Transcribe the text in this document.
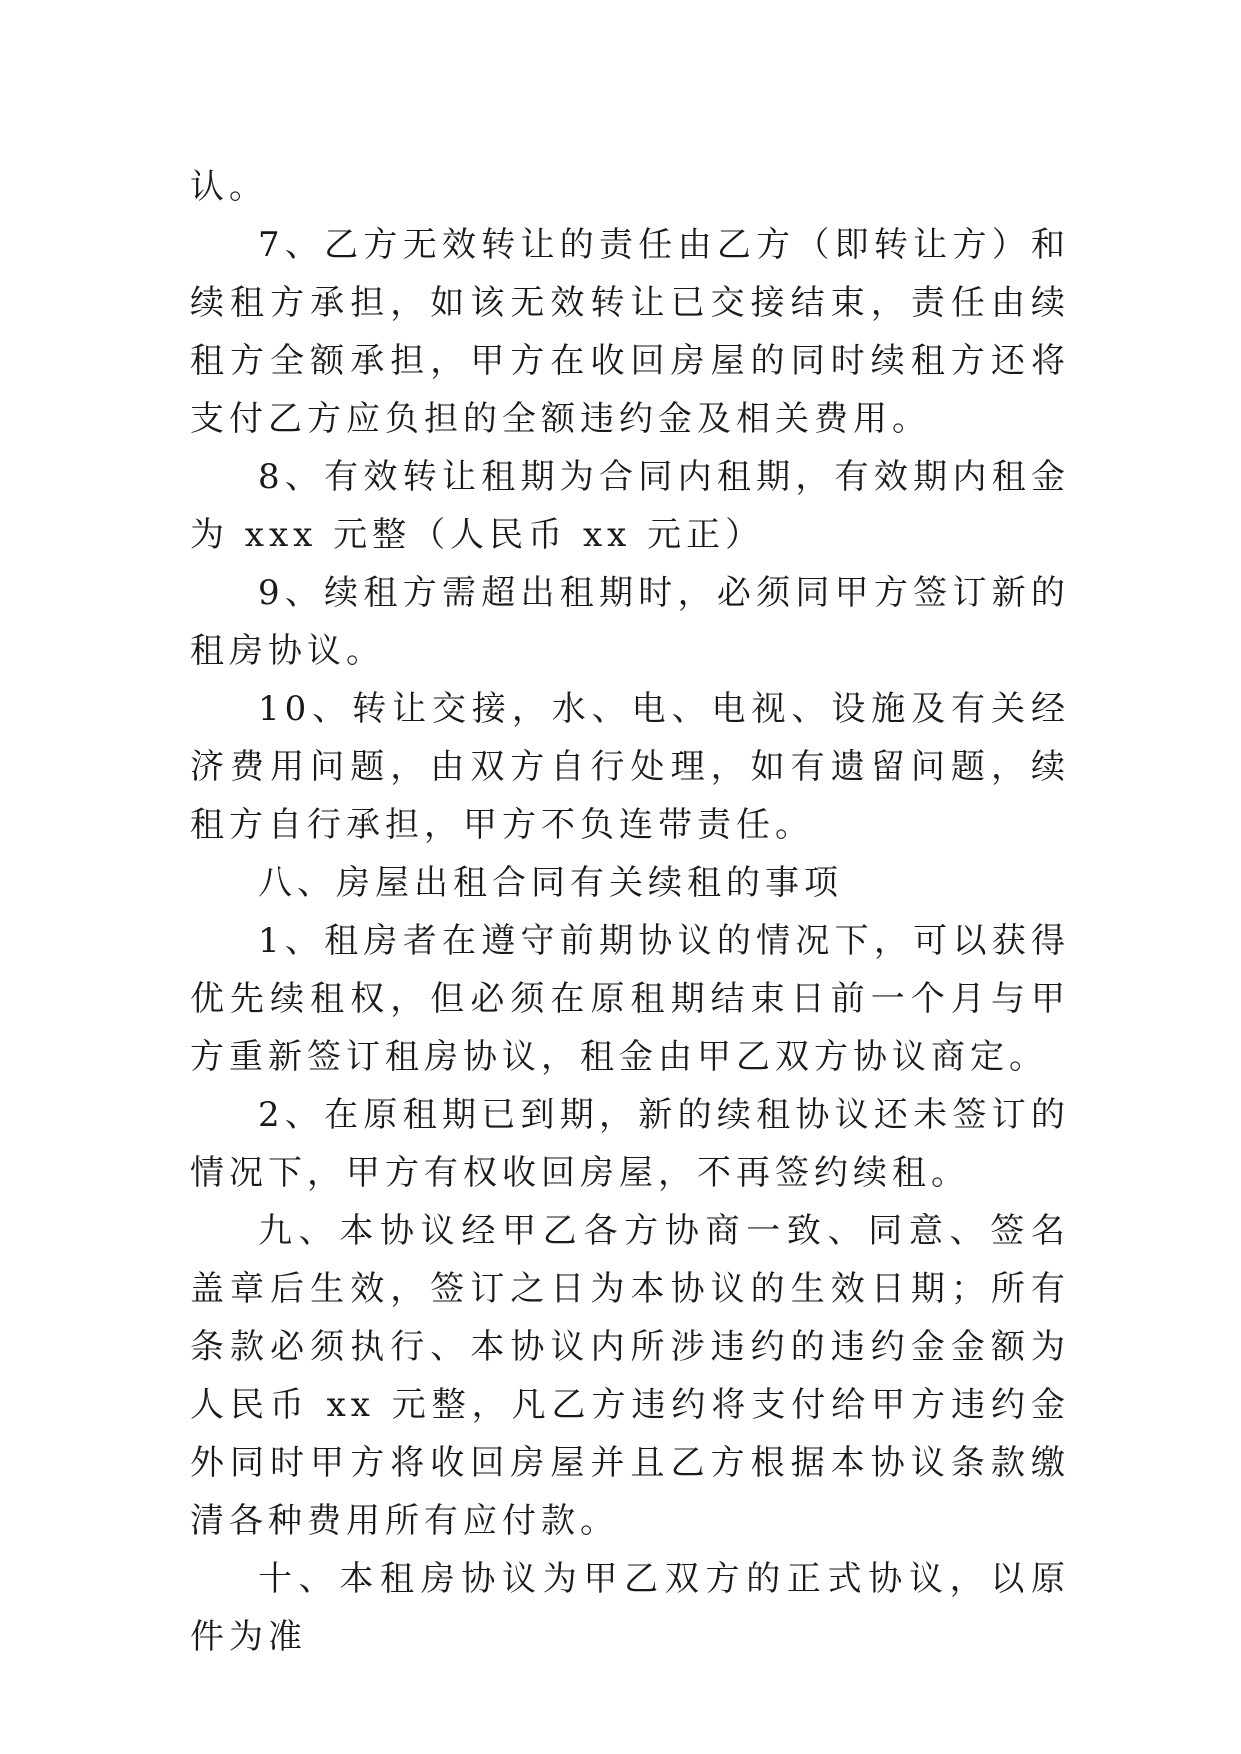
认。

7、乙方无效转让的责任由乙方（即转让方）和续租方承担，如该无效转让已交接结束，责任由续租方全额承担，甲方在收回房屋的同时续租方还将支付乙方应负担的全额违约金及相关费用。

8、有效转让租期为合同内租期，有效期内租金为 xxx 元整（人民币 xx 元正）

9、续租方需超出租期时，必须同甲方签订新的租房协议。

10、转让交接，水、电、电视、设施及有关经济费用问题，由双方自行处理，如有遗留问题，续租方自行承担，甲方不负连带责任。

八、房屋出租合同有关续租的事项

1、租房者在遵守前期协议的情况下，可以获得优先续租权，但必须在原租期结束日前一个月与甲方重新签订租房协议，租金由甲乙双方协议商定。

2、在原租期已到期，新的续租协议还未签订的情况下，甲方有权收回房屋，不再签约续租。

九、本协议经甲乙各方协商一致、同意、签名盖章后生效，签订之日为本协议的生效日期；所有条款必须执行、本协议内所涉违约的违约金金额为人民币 xx 元整，凡乙方违约将支付给甲方违约金外同时甲方将收回房屋并且乙方根据本协议条款缴清各种费用所有应付款。

十、本租房协议为甲乙双方的正式协议，以原件为准
